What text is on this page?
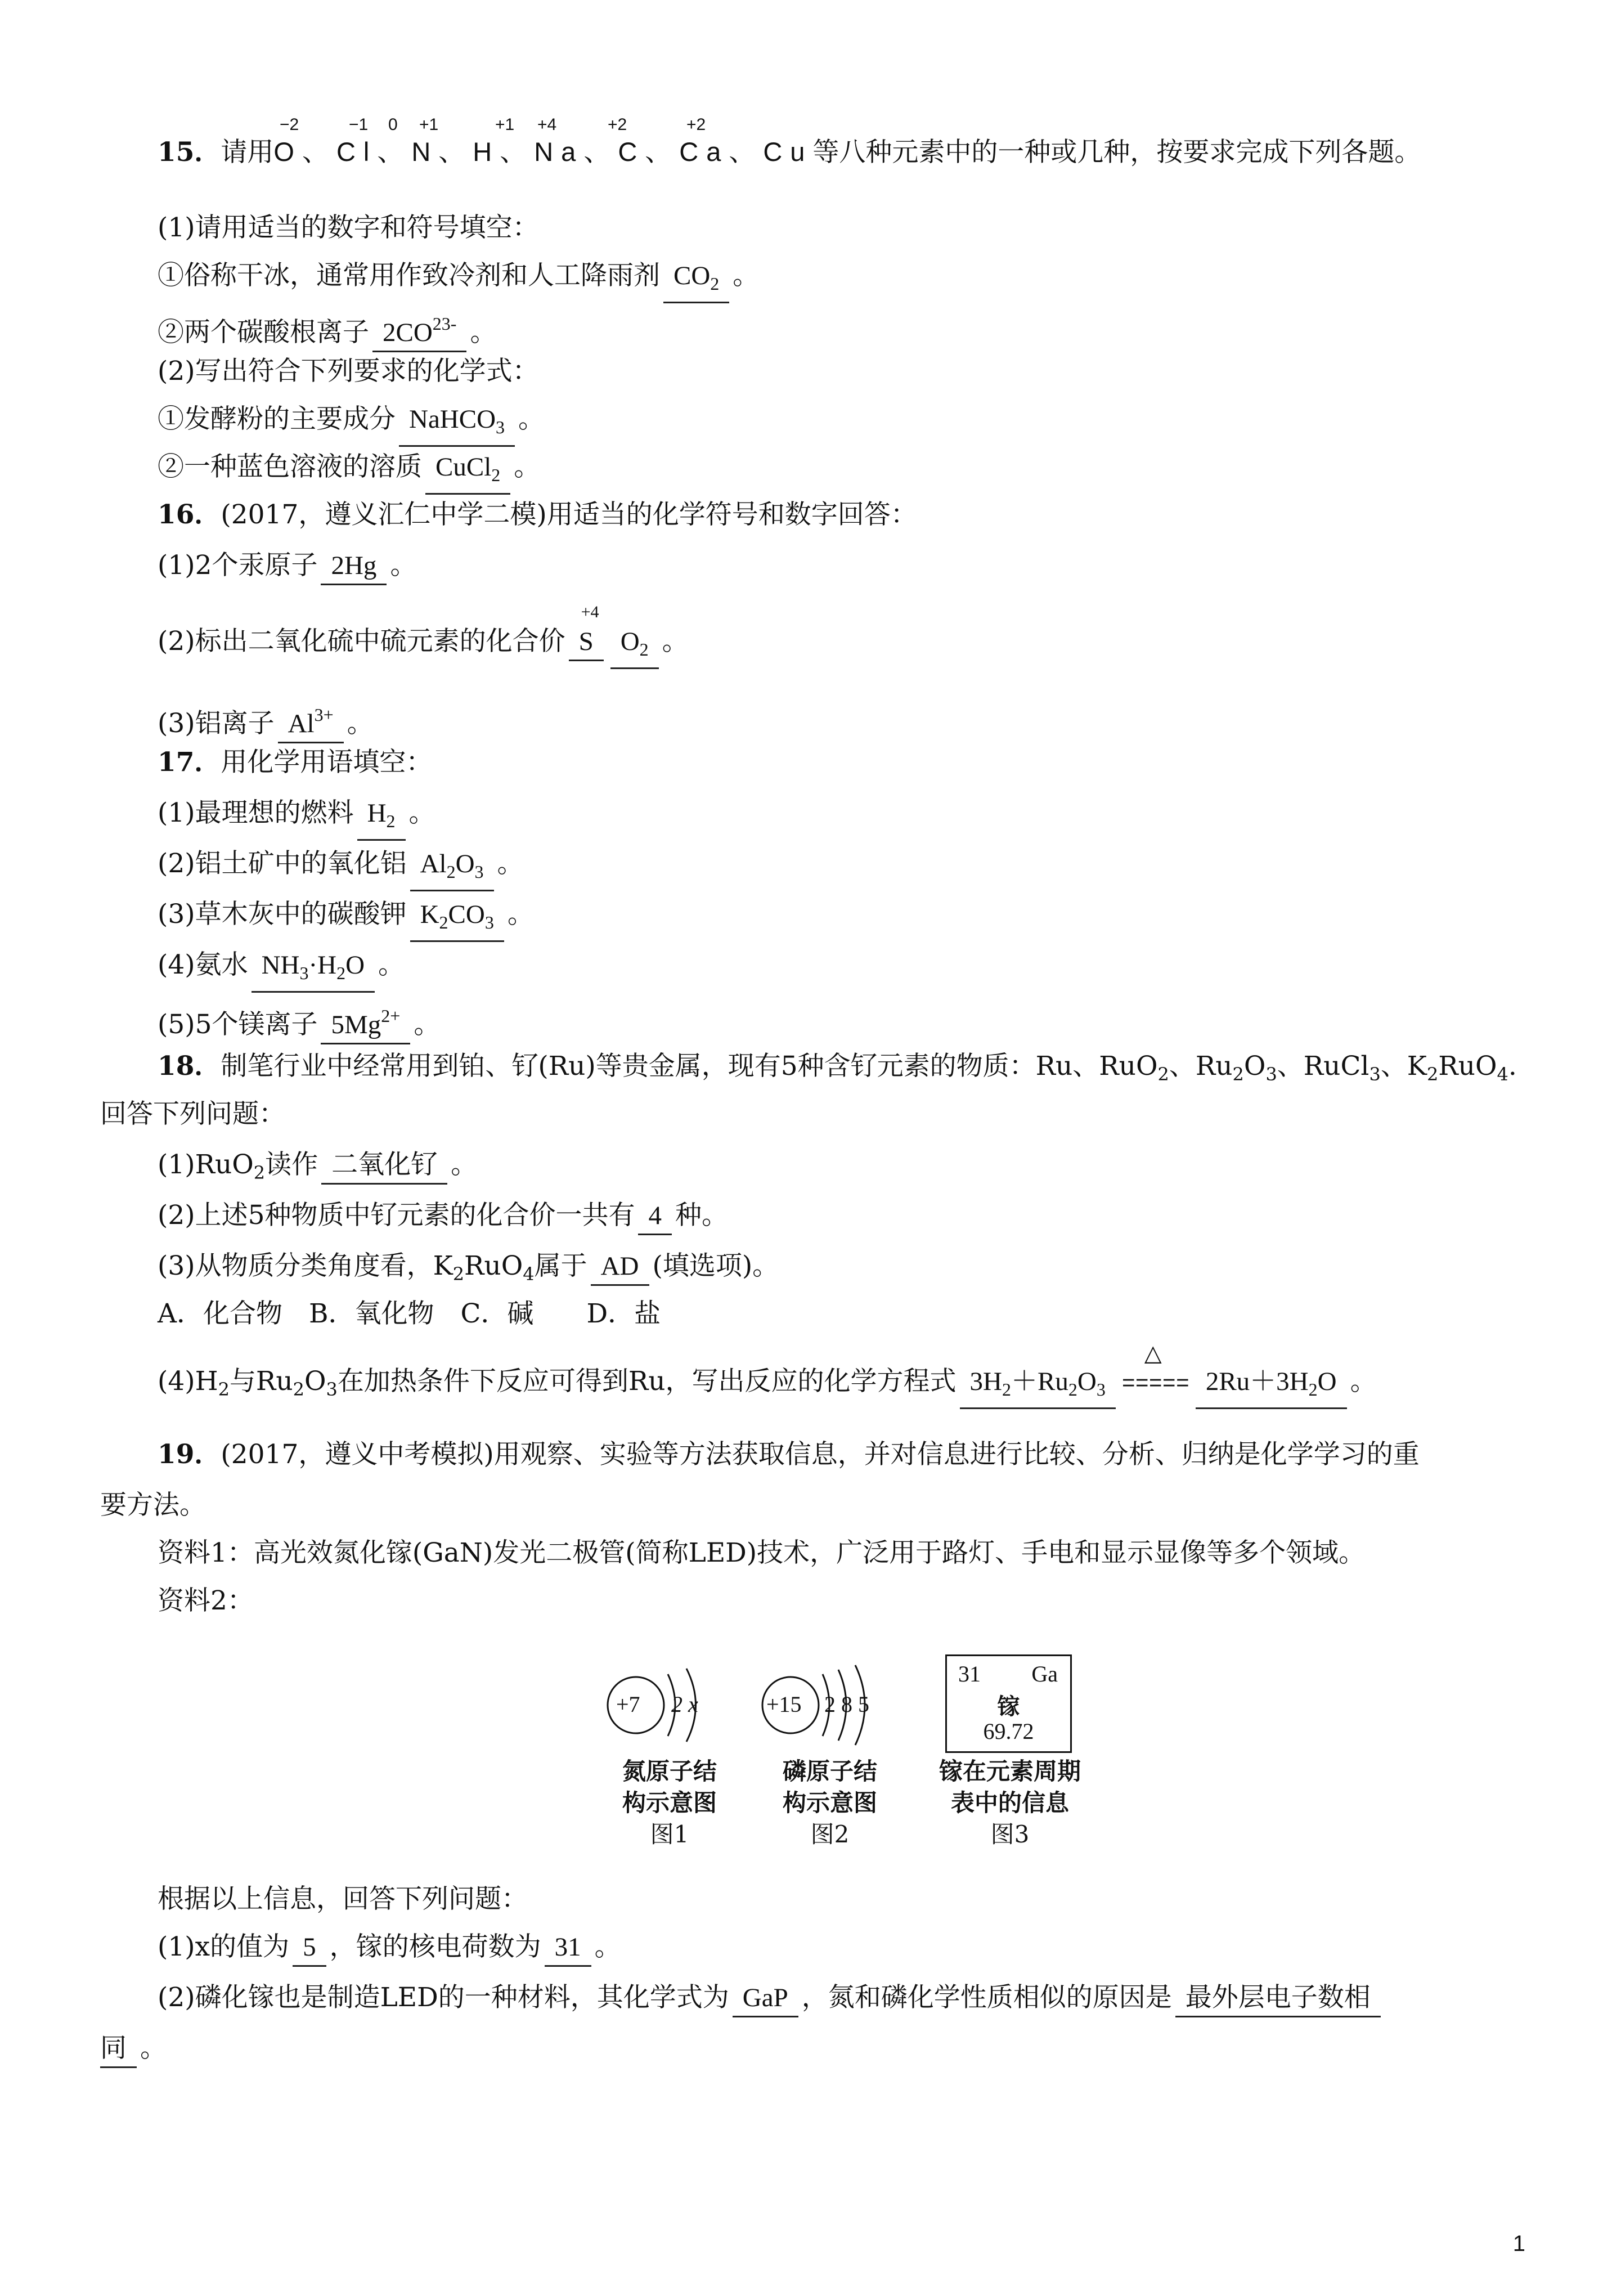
−2	−1 0 +1	+1 +4	+2	+2
15．请用O、Cl、N、H、Na、C、Ca、Cu等八种元素中的一种或几种，按要求完成下列各题。
(1)请用适当的数字和符号填空：
①俗称干冰，通常用作致冷剂和人工降雨剂 $CO_2$ 。
②两个碳酸根离子 $2CO^{23-}$ 。
(2)写出符合下列要求的化学式：
①发酵粉的主要成分 NaHCO$_3$ 。
②一种蓝色溶液的溶质 CuCl$_2$ 。
16．(2017，遵义汇仁中学二模)用适当的化学符号和数字回答：
(1)2个汞原子 2Hg 。
(2)标出二氧化硫中硫元素的化合价
+4
S $O_2$ 。
(3)铝离子 $Al^{3+}$ 。
17．用化学用语填空：
(1)最理想的燃料 $H_2$ 。
(2)铝土矿中的氧化铝 $Al_2O_3$ 。
(3)草木灰中的碳酸钾 $K_2CO_3$ 。
(4)氨水 $NH_3\cdot H_2O$ 。
(5)5个镁离子 $5Mg^{2+}$ 。
18．制笔行业中经常用到铂、钌(Ru)等贵金属，现有5种含钌元素的物质：Ru、RuO$_2$、$Ru_2O_3$、RuCl$_3$、$K_2RuO_4$.
回答下列问题：
(1)RuO$_2$读作 二氧化钌 。
(2)上述5种物质中钌元素的化合价一共有 4 种。
(3)从物质分类角度看，$K_2RuO_4$属于 AD (填选项)。
A．化合物　B．氧化物　C．碱　　D．盐
$(4)H_2$与$Ru_2O_3$在加热条件下反应可得到Ru，写出反应的化学方程式 $3H_2+Ru_2O_3$
△
===== $2Ru+3H_2O$ 。
19．(2017，遵义中考模拟)用观察、实验等方法获取信息，并对信息进行比较、分析、归纳是化学学习的重
要方法。
资料1：高光效氮化镓(GaN)发光二极管(简称LED)技术，广泛用于路灯、手电和显示显像等多个领域。
资料2：
+7 2 x
氮原子结
构示意图
图1
+15 2 8 5
磷原子结
构示意图
图2
31 Ga
镓
69.72
镓在元素周期
表中的信息
图3
根据以上信息，回答下列问题：
(1)x的值为 5 ，镓的核电荷数为 31 。
(2)磷化镓也是制造LED的一种材料，其化学式为 GaP ，氮和磷化学性质相似的原因是 最外层电子数相
同 。
1
